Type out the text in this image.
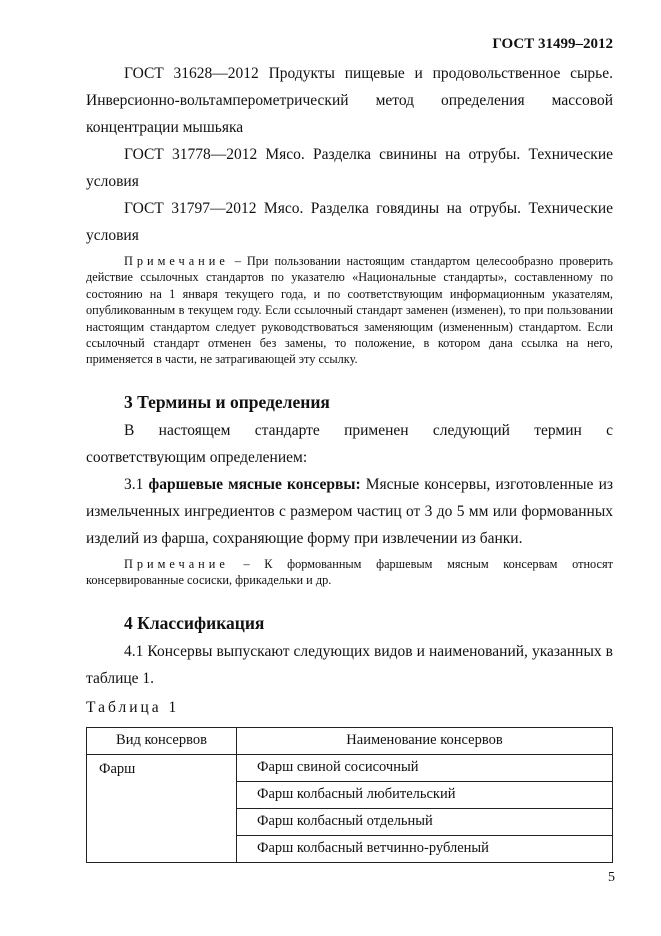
ГОСТ 31499–2012

ГОСТ 31628—2012 Продукты пищевые и продовольственное сырье. Инверсионно-вольтамперометрический метод определения массовой концентрации мышьяка

ГОСТ 31778—2012 Мясо. Разделка свинины на отрубы. Технические условия

ГОСТ 31797—2012 Мясо. Разделка говядины на отрубы. Технические условия

Примечание – При пользовании настоящим стандартом целесообразно проверить действие ссылочных стандартов по указателю «Национальные стандарты», составленному по состоянию на 1 января текущего года, и по соответствующим информационным указателям, опубликованным в текущем году. Если ссылочный стандарт заменен (изменен), то при пользовании настоящим стандартом следует руководствоваться заменяющим (измененным) стандартом. Если ссылочный стандарт отменен без замены, то положение, в котором дана ссылка на него, применяется в части, не затрагивающей эту ссылку.

3 Термины и определения

В настоящем стандарте применен следующий термин с соответствующим определением:

3.1 фаршевые мясные консервы: Мясные консервы, изготовленные из измельченных ингредиентов с размером частиц от 3 до 5 мм или формованных изделий из фарша, сохраняющие форму при извлечении из банки.

Примечание – К формованным фаршевым мясным консервам относят консервированные сосиски, фрикадельки и др.

4 Классификация

4.1 Консервы выпускают следующих видов и наименований, указанных в таблице 1.

Таблица 1

Вид консервов	Наименование консервов
Фарш	Фарш свиной сосисочный
	Фарш колбасный любительский
	Фарш колбасный отдельный
	Фарш колбасный ветчинно-рубленый
5
